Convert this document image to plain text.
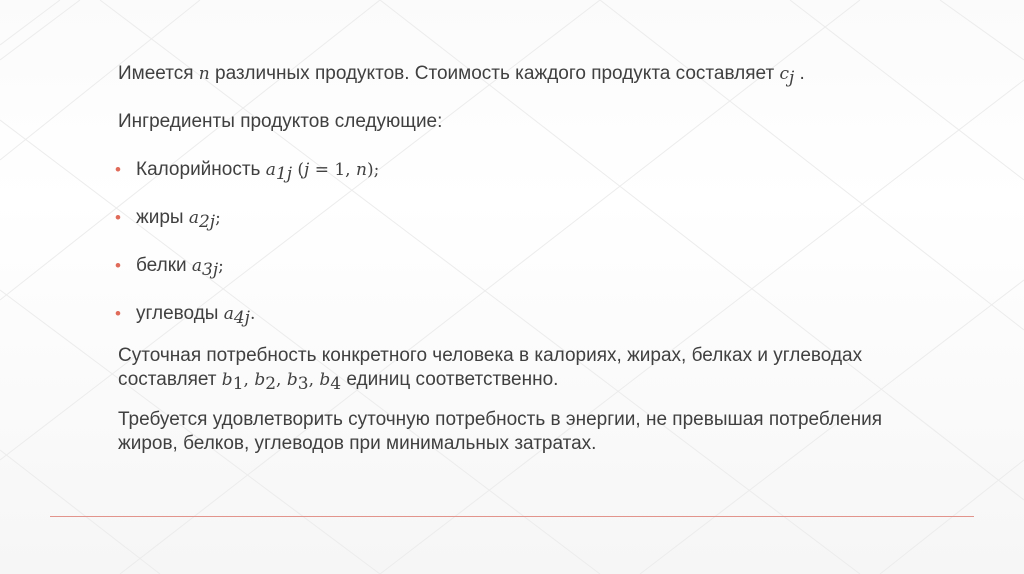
Имеется n различных продуктов. Стоимость каждого продукта составляет $c_j$ .

Ингредиенты продуктов следующие:

• Калорийность $a_{1j}$ (j = 1, n);

• жиры $a_{2j}$;

• белки $a_{3j}$;

• углеводы $a_{4j}$.

Суточная потребность конкретного человека в калориях, жирах, белках и углеводах составляет $b_1$, $b_2$, $b_3$, $b_4$ единиц соответственно.

Требуется удовлетворить суточную потребность в энергии, не превышая потребления жиров, белков, углеводов при минимальных затратах.
